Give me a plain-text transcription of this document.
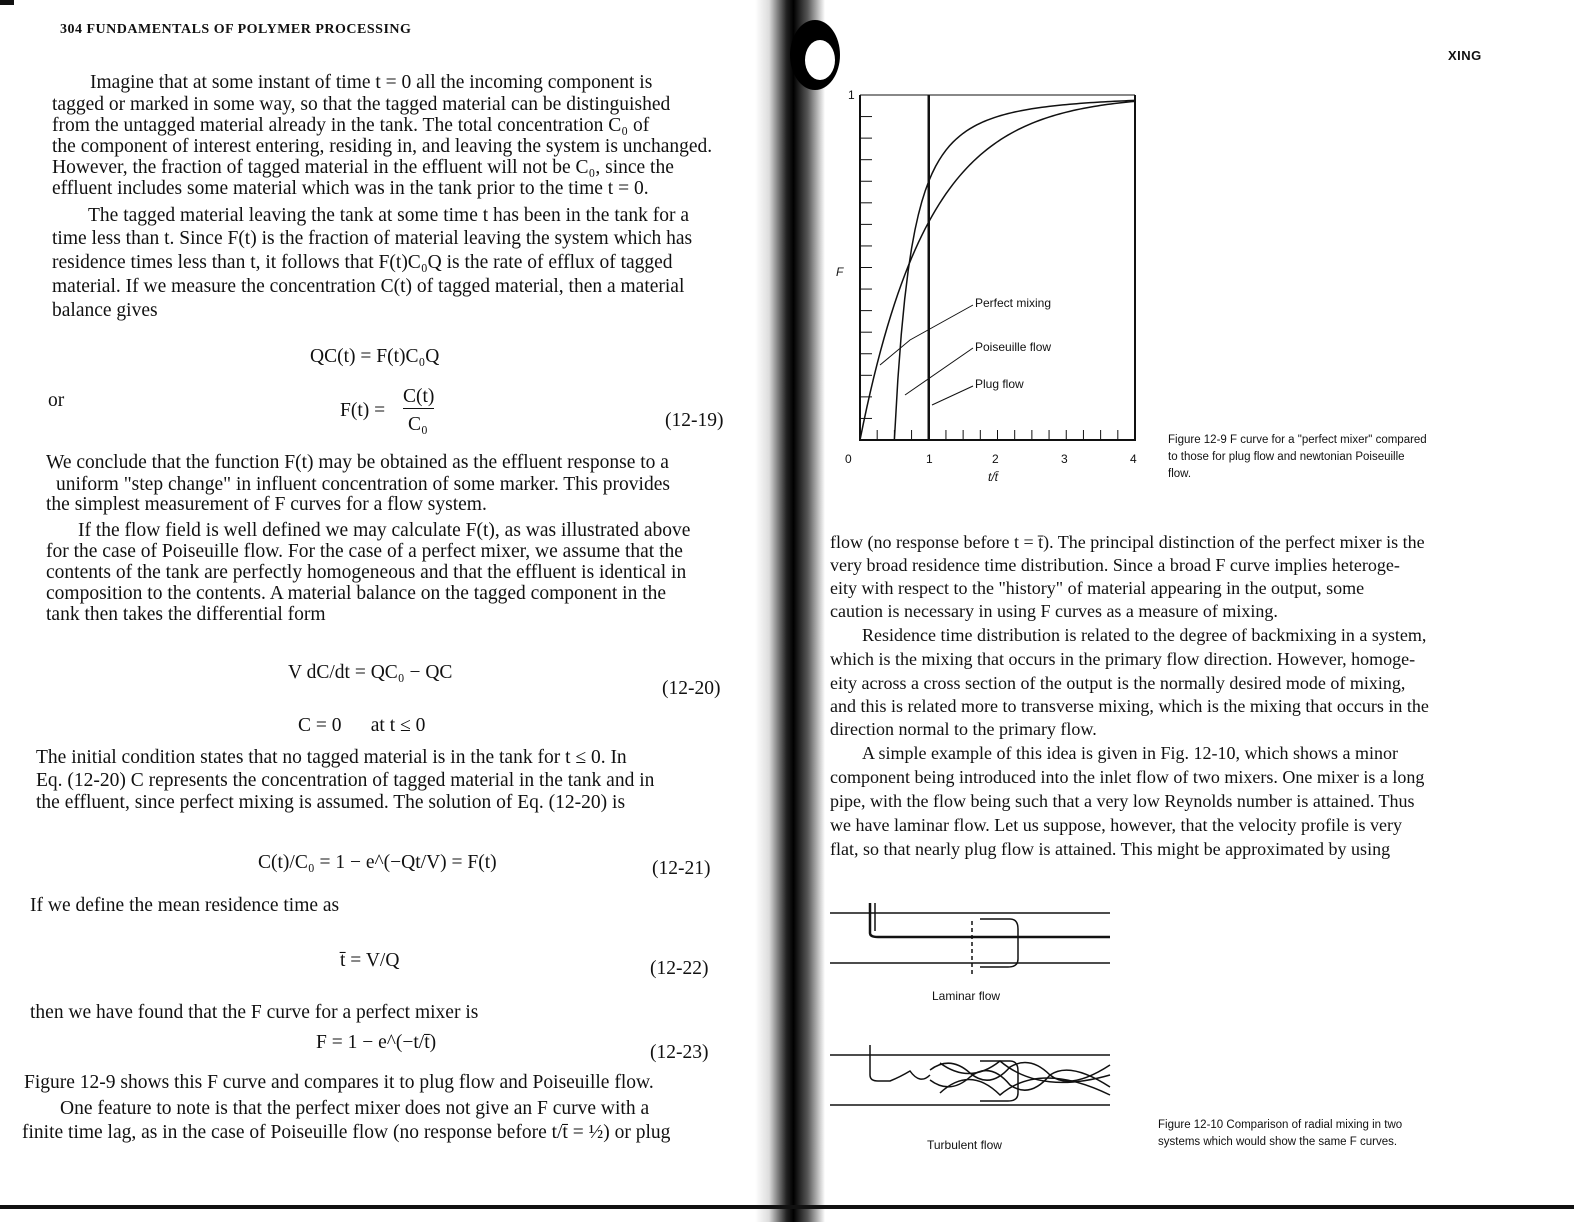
304 FUNDAMENTALS OF POLYMER PROCESSING
Imagine that at some instant of time t = 0 all the incoming component is
tagged or marked in some way, so that the tagged material can be distinguished
from the untagged material already in the tank. The total concentration C₀ of
the component of interest entering, residing in, and leaving the system is unchanged.
However, the fraction of tagged material in the effluent will not be C₀, since the
effluent includes some material which was in the tank prior to the time t = 0.
The tagged material leaving the tank at some time t has been in the tank for a
time less than t. Since F(t) is the fraction of material leaving the system which has
residence times less than t, it follows that F(t)C₀Q is the rate of efflux of tagged
material. If we measure the concentration C(t) of tagged material, then a material
balance gives
We conclude that the function F(t) may be obtained as the effluent response to a
uniform "step change" in influent concentration of some marker. This provides
the simplest measurement of F curves for a flow system.
If the flow field is well defined we may calculate F(t), as was illustrated above
for the case of Poiseuille flow. For the case of a perfect mixer, we assume that the
contents of the tank are perfectly homogeneous and that the effluent is identical in
composition to the contents. A material balance on the tagged component in the
tank then takes the differential form
The initial condition states that no tagged material is in the tank for t ≤ 0. In
Eq. (12-20) C represents the concentration of tagged material in the tank and in
the effluent, since perfect mixing is assumed. The solution of Eq. (12-20) is
If we define the mean residence time as
then we have found that the F curve for a perfect mixer is
Figure 12-9 shows this F curve and compares it to plug flow and Poiseuille flow.
One feature to note is that the perfect mixer does not give an F curve with a
finite time lag, as in the case of Poiseuille flow (no response before t/t̄ = ½) or plug
QC(t) = F(t)C₀Q
or	F(t) =
C(t)
C₀	(12-19)
V dC/dt = QC₀ − QC
(12-20)
C = 0      at t ≤ 0
C(t)/C₀ = 1 − e^(−Qt/V) = F(t)	(12-21)
t̄ = V/Q	(12-22)
F = 1 − e^(−t/t̄)	(12-23)
XING
1
F
0	1	2	3	4
t/t̄
Perfect mixing
Poiseuille flow
Plug flow
Figure 12-9 F curve for a "perfect mixer" compared
to those for plug flow and newtonian Poiseuille
flow.
flow (no response before t = t̄). The principal distinction of the perfect mixer is the
very broad residence time distribution. Since a broad F curve implies heteroge-
eity with respect to the "history" of material appearing in the output, some
caution is necessary in using F curves as a measure of mixing.
Residence time distribution is related to the degree of backmixing in a system,
which is the mixing that occurs in the primary flow direction. However, homoge-
eity across a cross section of the output is the normally desired mode of mixing,
and this is related more to transverse mixing, which is the mixing that occurs in the
direction normal to the primary flow.
A simple example of this idea is given in Fig. 12-10, which shows a minor
component being introduced into the inlet flow of two mixers. One mixer is a long
pipe, with the flow being such that a very low Reynolds number is attained. Thus
we have laminar flow. Let us suppose, however, that the velocity profile is very
flat, so that nearly plug flow is attained. This might be approximated by using
Laminar flow
Turbulent flow
Figure 12-10 Comparison of radial mixing in two
systems which would show the same F curves.
